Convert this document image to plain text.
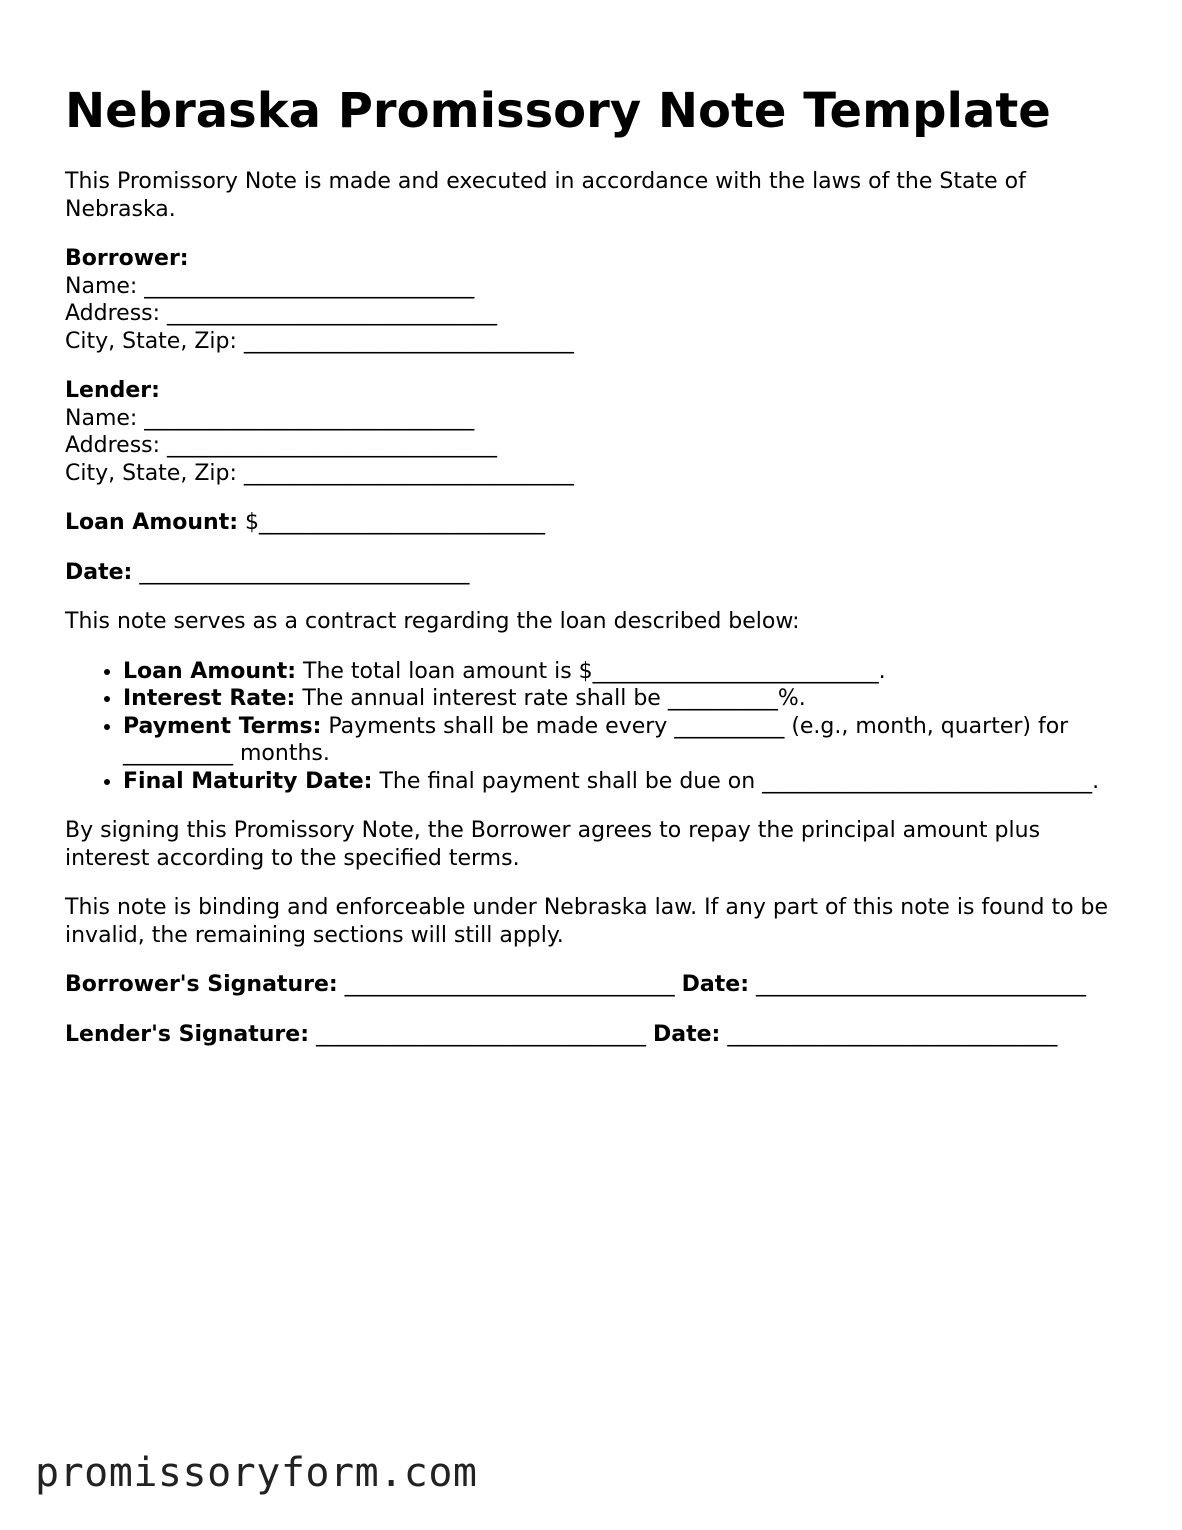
Nebraska Promissory Note Template

This Promissory Note is made and executed in accordance with the laws of the State of Nebraska.

Borrower:
Name: ______________________________
Address: ______________________________
City, State, Zip: ______________________________
Lender:
Name: ______________________________
Address: ______________________________
City, State, Zip: ______________________________

Loan Amount: $__________________________

Date: ______________________________

This note serves as a contract regarding the loan described below:

• Loan Amount: The total loan amount is $__________________________.
• Interest Rate: The annual interest rate shall be __________%.
• Payment Terms: Payments shall be made every __________ (e.g., month, quarter) for __________ months.
• Final Maturity Date: The final payment shall be due on ______________________________.

By signing this Promissory Note, the Borrower agrees to repay the principal amount plus interest according to the specified terms.

This note is binding and enforceable under Nebraska law. If any part of this note is found to be invalid, the remaining sections will still apply.

Borrower's Signature: ______________________________ Date: ______________________________

Lender's Signature: ______________________________ Date: ______________________________

promissoryform.com
